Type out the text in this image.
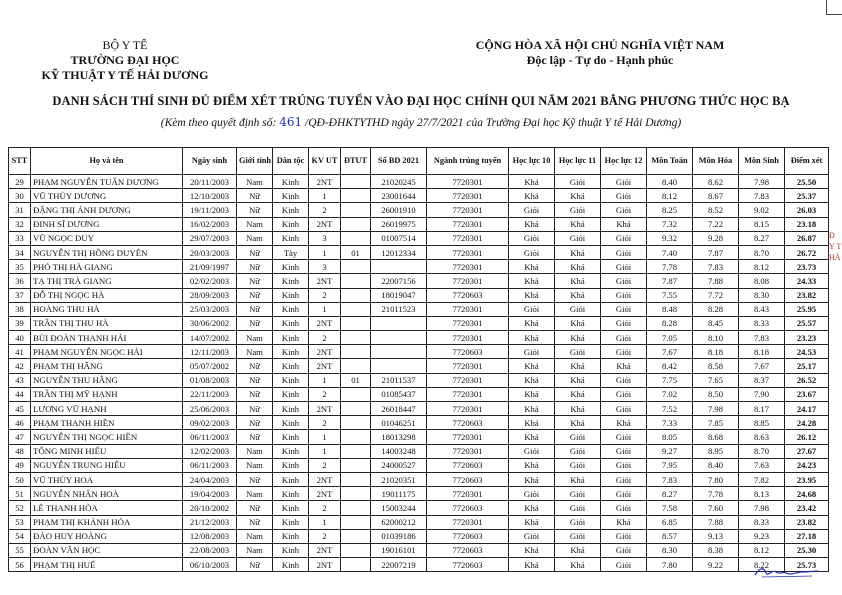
BỘ Y TẾ
TRƯỜNG ĐẠI HỌC
KỸ THUẬT Y TẾ HẢI DƯƠNG
CỘNG HÒA XÃ HỘI CHỦ NGHĨA VIỆT NAM
Độc lập - Tự do - Hạnh phúc
DANH SÁCH THÍ SINH ĐỦ ĐIỂM XÉT TRÚNG TUYỂN VÀO ĐẠI HỌC CHÍNH QUI NĂM 2021 BẰNG PHƯƠNG THỨC HỌC BẠ
(Kèm theo quyết định số: 461 /QĐ-ĐHKTYTHD ngày 27/7/2021 của Trường Đại học Kỹ thuật Y tế Hải Dương)
STT	Họ và tên	Ngày sinh	Giới tính	Dân tộc	KV UT	ĐTUT	Số BD 2021	Ngành trúng tuyển	Học lực 10	Học lực 11	Học lực 12	Môn Toán	Môn Hóa	Môn Sinh	Điểm xét
29	PHẠM NGUYỄN TUẤN DƯƠNG	20/11/2003	Nam	Kinh	2NT		21020245	7720301	Khá	Giỏi	Giỏi	8.40	8.62	7.98	25.50
30	VŨ THÙY DƯƠNG	12/10/2003	Nữ	Kinh	1		23001644	7720301	Khá	Khá	Giỏi	8.12	8.67	7.83	25.37
31	ĐẶNG THỊ ÁNH DƯƠNG	19/11/2003	Nữ	Kinh	2		26001910	7720301	Giỏi	Giỏi	Giỏi	8.25	8.52	9.02	26.03
32	ĐINH SĨ DƯƠNG	16/02/2003	Nam	Kinh	2NT		26019975	7720301	Khá	Khá	Khá	7.32	7.22	8.15	23.18
33	VŨ NGỌC DUY	29/07/2003	Nam	Kinh	3		01007514	7720301	Giỏi	Giỏi	Giỏi	9.32	9.28	8.27	26.87
34	NGUYỄN THỊ HỒNG DUYÊN	20/03/2003	Nữ	Tày	1	01	12012334	7720301	Giỏi	Khá	Giỏi	7.40	7.87	8.70	26.72
35	PHÓ THỊ HÀ GIANG	21/09/1997	Nữ	Kinh	3			7720301	Khá	Khá	Giỏi	7.78	7.83	8.12	23.73
36	TẠ THỊ TRÀ GIANG	02/02/2003	Nữ	Kinh	2NT		22007156	7720301	Khá	Khá	Giỏi	7.87	7.88	8.08	24.33
37	ĐỖ THỊ NGỌC HÀ	28/09/2003	Nữ	Kinh	2		18019047	7720603	Khá	Khá	Giỏi	7.55	7.72	8.30	23.82
38	HOÀNG THU HÀ	25/03/2003	Nữ	Kinh	1		21011523	7720301	Giỏi	Giỏi	Giỏi	8.48	8.28	8.43	25.95
39	TRẦN THỊ THU HÀ	30/06/2002	Nữ	Kinh	2NT			7720301	Khá	Khá	Giỏi	8.28	8.45	8.33	25.57
40	BÙI ĐOÀN THANH HẢI	14/07/2002	Nam	Kinh	2			7720301	Khá	Khá	Giỏi	7.05	8.10	7.83	23.23
41	PHẠM NGUYỄN NGỌC HẢI	12/11/2003	Nam	Kinh	2NT			7720603	Giỏi	Giỏi	Giỏi	7.67	8.18	8.18	24.53
42	PHẠM THỊ HẰNG	05/07/2002	Nữ	Kinh	2NT			7720301	Khá	Khá	Khá	8.42	8.58	7.67	25.17
43	NGUYỄN THU HẰNG	01/08/2003	Nữ	Kinh	1	01	21011537	7720301	Khá	Khá	Giỏi	7.75	7.65	8.37	26.52
44	TRẦN THỊ MỸ HẠNH	22/11/2003	Nữ	Kinh	2		01085437	7720301	Khá	Khá	Giỏi	7.02	8.50	7.90	23.67
45	LƯƠNG VŨ HẠNH	25/06/2003	Nữ	Kinh	2NT		26018447	7720301	Khá	Khá	Giỏi	7.52	7.98	8.17	24.17
46	PHẠM THANH HIỀN	09/02/2003	Nữ	Kinh	2		01046251	7720603	Khá	Khá	Khá	7.33	7.85	8.85	24.28
47	NGUYỄN THỊ NGỌC HIỀN	06/11/2003	Nữ	Kinh	1		18013298	7720301	Khá	Giỏi	Giỏi	8.05	8.68	8.63	26.12
48	TỐNG MINH HIẾU	12/02/2003	Nam	Kinh	1		14003248	7720301	Giỏi	Giỏi	Giỏi	9.27	8.95	8.70	27.67
49	NGUYỄN TRUNG HIẾU	06/11/2003	Nam	Kinh	2		24000527	7720603	Khá	Giỏi	Giỏi	7.95	8.40	7.63	24.23
50	VŨ THÙY HOA	24/04/2003	Nữ	Kinh	2NT		21020351	7720603	Khá	Khá	Giỏi	7.83	7.80	7.82	23.95
51	NGUYỄN NHÂN HOÀ	19/04/2003	Nam	Kinh	2NT		19011175	7720301	Giỏi	Giỏi	Giỏi	8.27	7.78	8.13	24.68
52	LÊ THANH HÒA	20/10/2002	Nữ	Kinh	2		15003244	7720603	Khá	Giỏi	Giỏi	7.58	7.60	7.98	23.42
53	PHẠM THỊ KHÁNH HÒA	21/12/2003	Nữ	Kinh	1		62000212	7720301	Khá	Giỏi	Khá	6.85	7.88	8.33	23.82
54	ĐÀO HUY HOÀNG	12/08/2003	Nam	Kinh	2		01039186	7720603	Giỏi	Giỏi	Giỏi	8.57	9.13	9.23	27.18
55	ĐOÀN VĂN HỌC	22/08/2003	Nam	Kinh	2NT		19016101	7720603	Khá	Khá	Giỏi	8.30	8.38	8.12	25.30
56	PHẠM THỊ HUẾ	06/10/2003	Nữ	Kinh	2NT		22007219	7720603	Khá	Khá	Giỏi	7.80	9.22	8.22	25.73
Đ
Y T
HẢ
